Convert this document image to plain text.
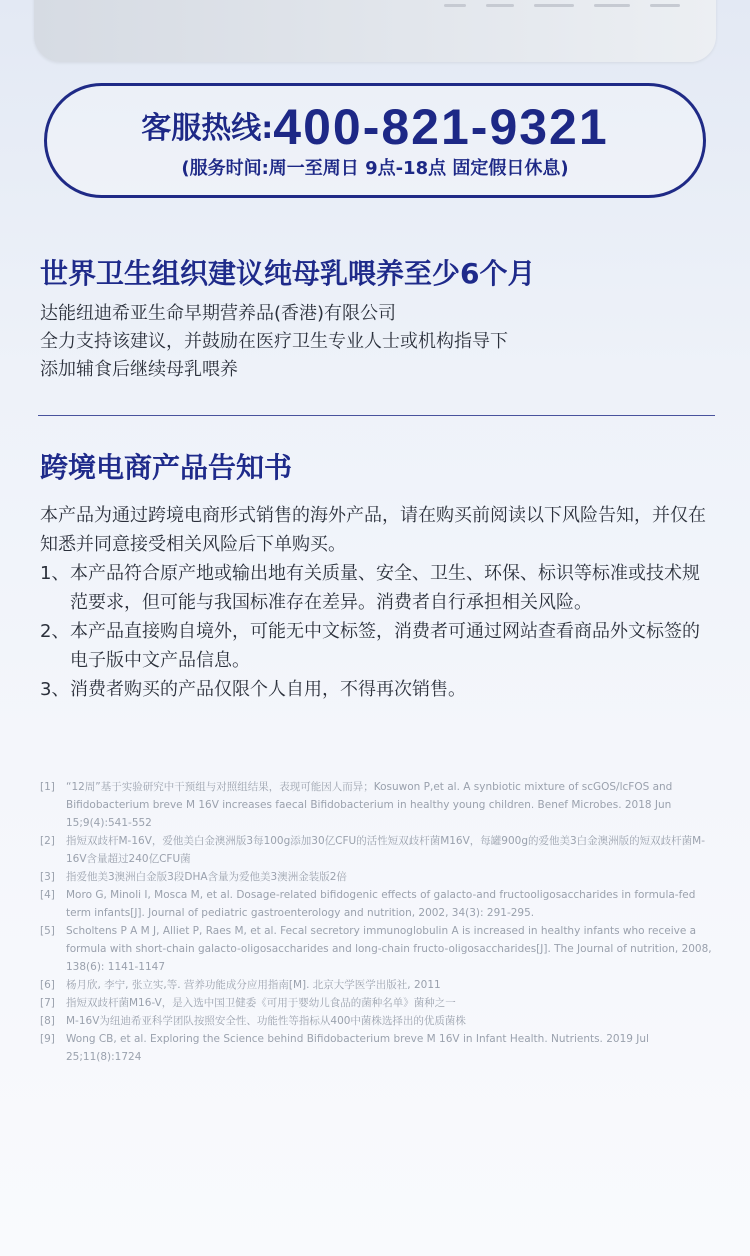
客服热线:400-821-9321
(服务时间:周一至周日 9点-18点 固定假日休息)
世界卫生组织建议纯母乳喂养至少6个月
达能纽迪希亚生命早期营养品(香港)有限公司
全力支持该建议，并鼓励在医疗卫生专业人士或机构指导下
添加辅食后继续母乳喂养
跨境电商产品告知书

本产品为通过跨境电商形式销售的海外产品，请在购买前阅读以下风险告知，并仅在知悉并同意接受相关风险后下单购买。

1、 本产品符合原产地或输出地有关质量、安全、卫生、环保、标识等标准或技术规范要求，但可能与我国标准存在差异。消费者自行承担相关风险。
2、 本产品直接购自境外，可能无中文标签，消费者可通过网站查看商品外文标签的电子版中文产品信息。
3、 消费者购买的产品仅限个人自用，不得再次销售。
[1]	“12周”基于实验研究中干预组与对照组结果，表现可能因人而异；Kosuwon P,et al. A synbiotic mixture of scGOS/lcFOS and Bifidobacterium breve M 16V increases faecal Bifidobacterium in healthy young children. Benef Microbes. 2018 Jun 15;9(4):541-552
[2]	指短双歧杆M-16V，爱他美白金澳洲版3每100g添加30亿CFU的活性短双歧杆菌M16V，每罐900g的爱他美3白金澳洲版的短双歧杆菌M-16V含量超过240亿CFU菌
[3]	指爱他美3澳洲白金版3段DHA含量为爱他美3澳洲金装版2倍
[4]	Moro G, Minoli I, Mosca M, et al. Dosage-related bifidogenic effects of galacto-and fructooligosaccharides in formula-fed term infants[J]. Journal of pediatric gastroenterology and nutrition, 2002, 34(3): 291-295.
[5]	Scholtens P A M J, Alliet P, Raes M, et al. Fecal secretory immunoglobulin A is increased in healthy infants who receive a formula with short-chain galacto-oligosaccharides and long-chain fructo-oligosaccharides[J]. The Journal of nutrition, 2008, 138(6): 1141-1147
[6]	杨月欣, 李宁, 张立实,等. 营养功能成分应用指南[M]. 北京大学医学出版社, 2011
[7]	指短双歧杆菌M16-V，是入选中国卫健委《可用于婴幼儿食品的菌种名单》菌种之一
[8]	M-16V为纽迪希亚科学团队按照安全性、功能性等指标从400中菌株选择出的优质菌株
[9]	Wong CB, et al. Exploring the Science behind Bifidobacterium breve M 16V in Infant Health. Nutrients. 2019 Jul 25;11(8):1724
